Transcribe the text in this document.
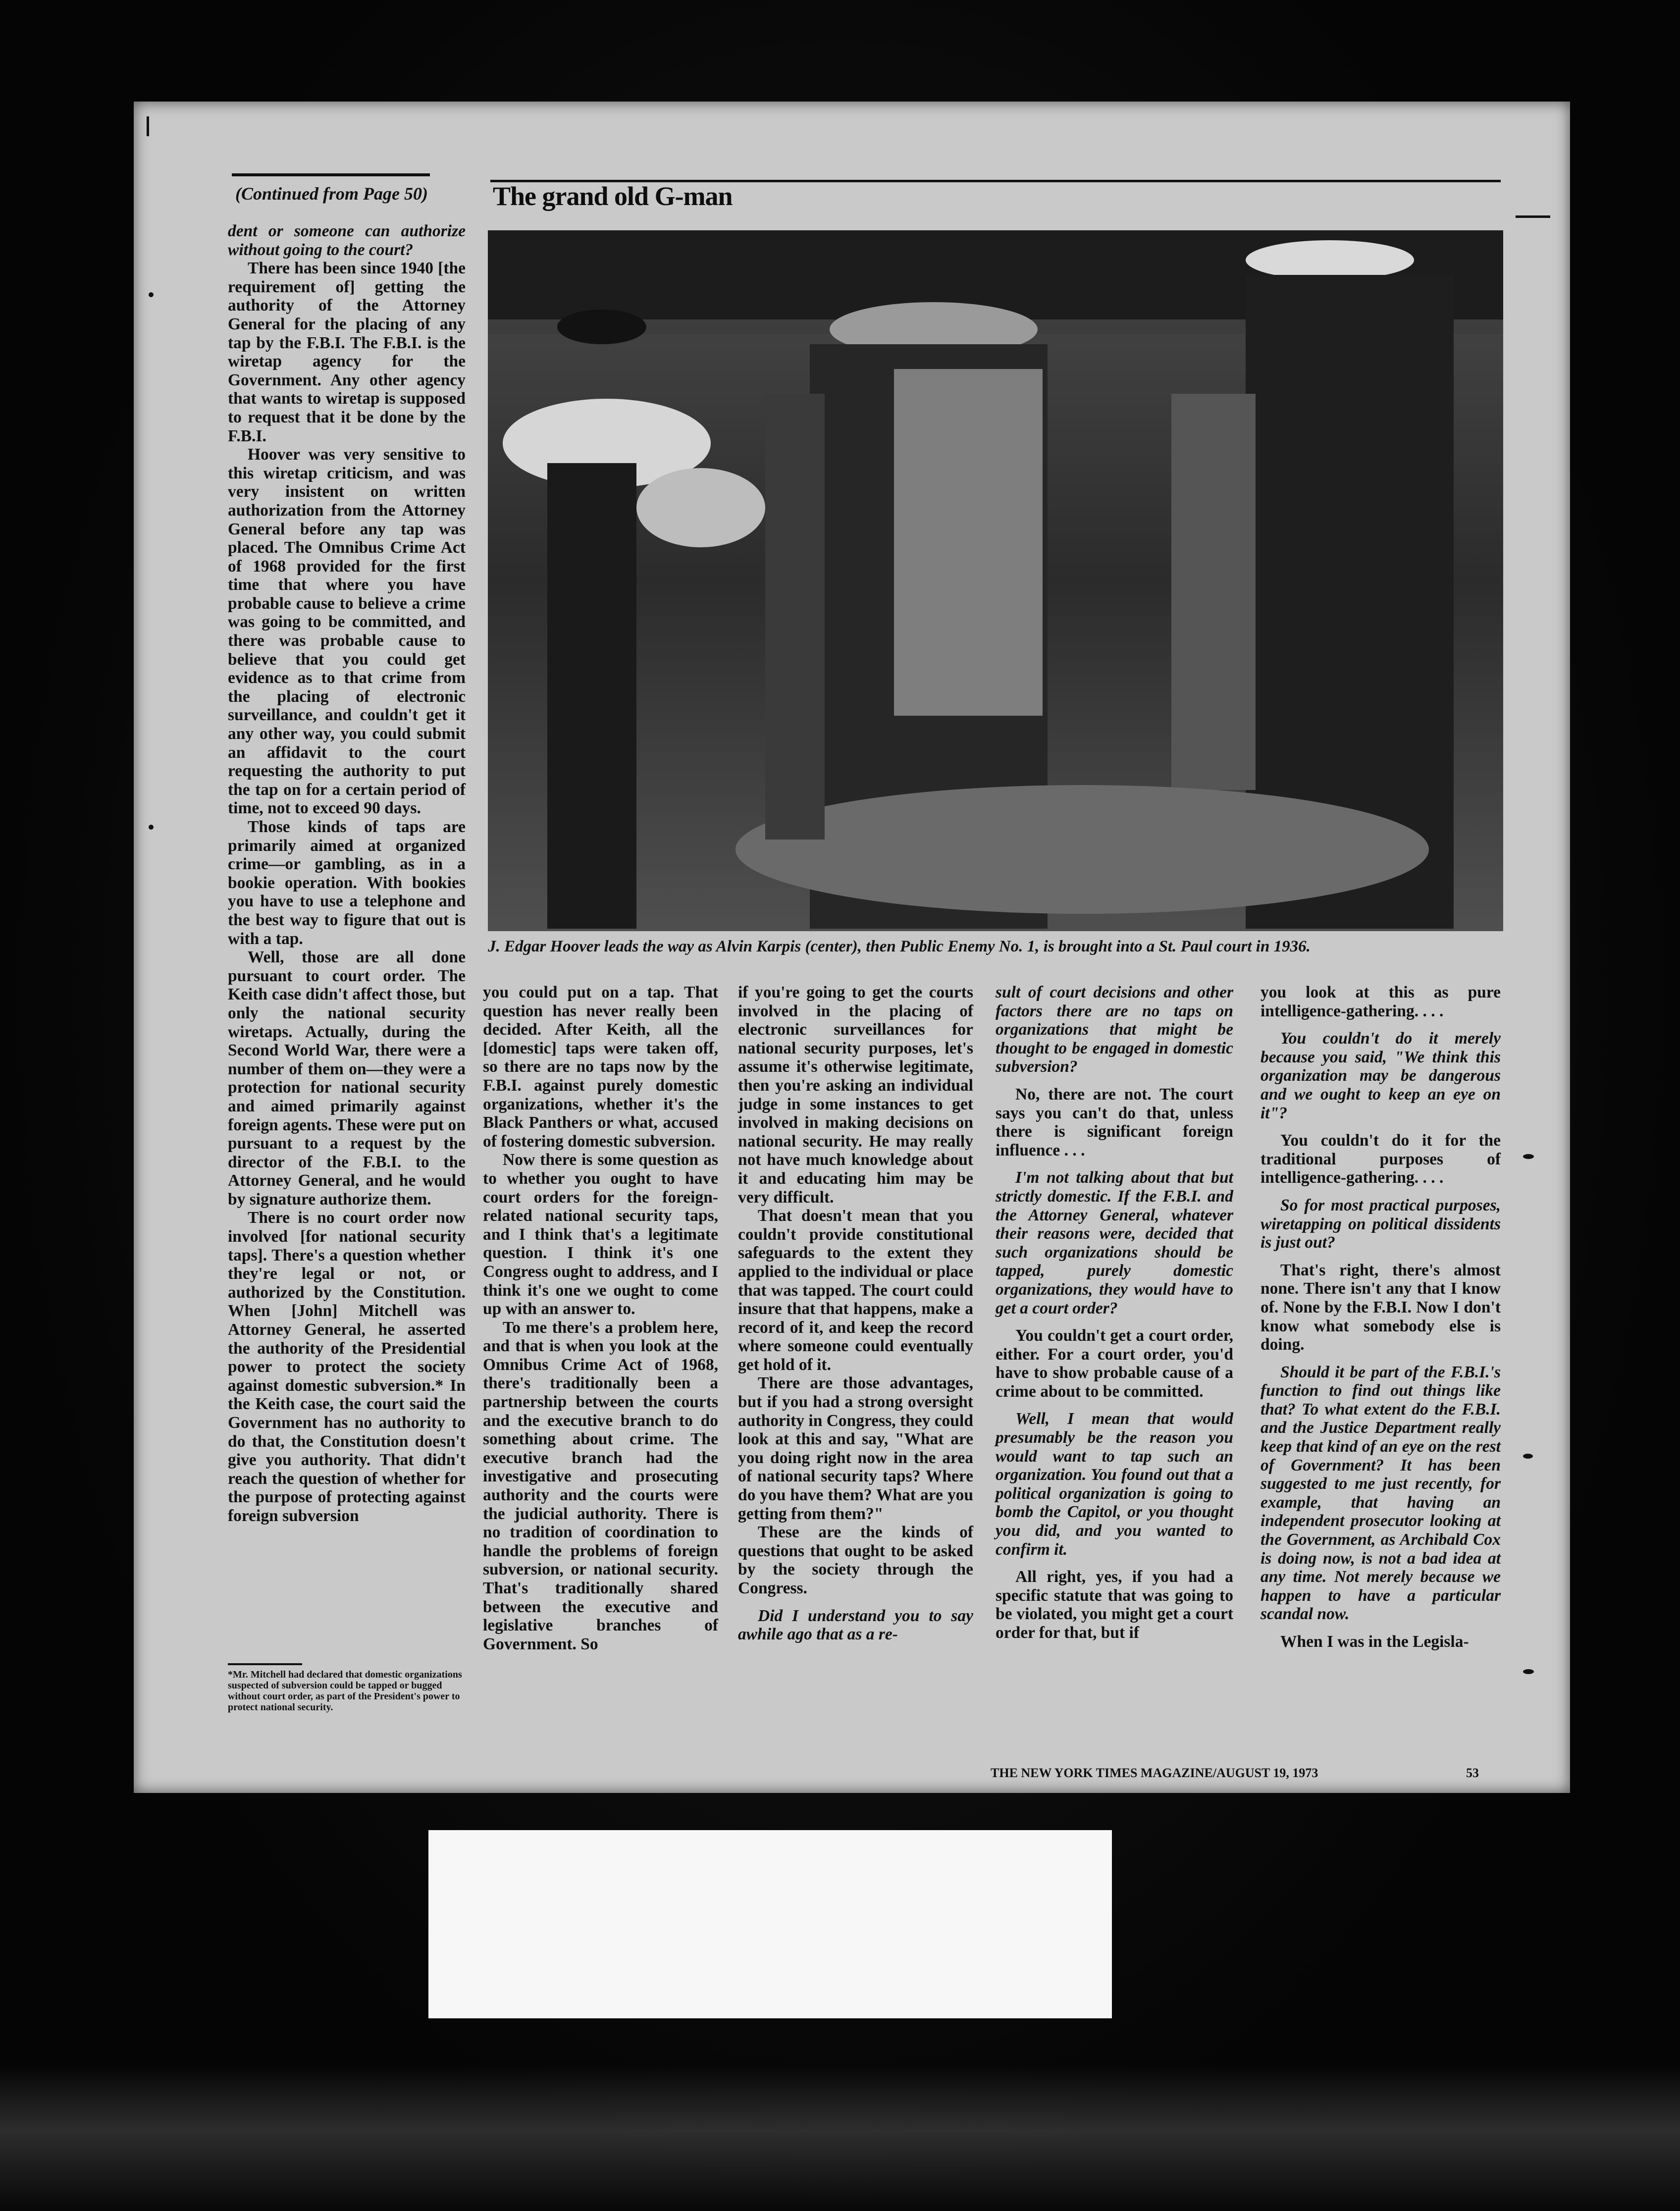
(Continued from Page 50)	The grand old G-man
J. Edgar Hoover leads the way as Alvin Karpis (center), then Public Enemy No. 1, is brought into a St. Paul court in 1936.

dent or someone can authorize without going to the court?

There has been since 1940 [the requirement of] getting the authority of the Attorney General for the placing of any tap by the F.B.I. The F.B.I. is the wiretap agency for the Government. Any other agency that wants to wiretap is supposed to request that it be done by the F.B.I.

Hoover was very sensitive to this wiretap criticism, and was very insistent on written authorization from the Attorney General before any tap was placed. The Omnibus Crime Act of 1968 provided for the first time that where you have probable cause to believe a crime was going to be committed, and there was probable cause to believe that you could get evidence as to that crime from the placing of electronic surveillance, and couldn't get it any other way, you could submit an affidavit to the court requesting the authority to put the tap on for a certain period of time, not to exceed 90 days.

Those kinds of taps are primarily aimed at organized crime—or gambling, as in a bookie operation. With bookies you have to use a telephone and the best way to figure that out is with a tap.

Well, those are all done pursuant to court order. The Keith case didn't affect those, but only the national security wiretaps. Actually, during the Second World War, there were a number of them on—they were a protection for national security and aimed primarily against foreign agents. These were put on pursuant to a request by the director of the F.B.I. to the Attorney General, and he would by signature authorize them.

There is no court order now involved [for national security taps]. There's a question whether they're legal or not, or authorized by the Constitution. When [John] Mitchell was Attorney General, he asserted the authority of the Presidential power to protect the society against domestic subversion.* In the Keith case, the court said the Government has no authority to do that, the Constitution doesn't give you authority. That didn't reach the question of whether for the purpose of protecting against foreign subversion

you could put on a tap. That question has never really been decided. After Keith, all the [domestic] taps were taken off, so there are no taps now by the F.B.I. against purely domestic organizations, whether it's the Black Panthers or what, accused of fostering domestic subversion.

Now there is some question as to whether you ought to have court orders for the foreign-related national security taps, and I think that's a legitimate question. I think it's one Congress ought to address, and I think it's one we ought to come up with an answer to.

To me there's a problem here, and that is when you look at the Omnibus Crime Act of 1968, there's traditionally been a partnership between the courts and the executive branch to do something about crime. The executive branch had the investigative and prosecuting authority and the courts were the judicial authority. There is no tradition of coordination to handle the problems of foreign subversion, or national security. That's traditionally shared between the executive and legislative branches of Government. So

if you're going to get the courts involved in the placing of electronic surveillances for national security purposes, let's assume it's otherwise legitimate, then you're asking an individual judge in some instances to get involved in making decisions on national security. He may really not have much knowledge about it and educating him may be very difficult.

That doesn't mean that you couldn't provide constitutional safeguards to the extent they applied to the individual or place that was tapped. The court could insure that that happens, make a record of it, and keep the record where someone could eventually get hold of it.

There are those advantages, but if you had a strong oversight authority in Congress, they could look at this and say, "What are you doing right now in the area of national security taps? Where do you have them? What are you getting from them?"

These are the kinds of questions that ought to be asked by the society through the Congress.

Did I understand you to say awhile ago that as a re-

sult of court decisions and other factors there are no taps on organizations that might be thought to be engaged in domestic subversion?

No, there are not. The court says you can't do that, unless there is significant foreign influence . . .

I'm not talking about that but strictly domestic. If the F.B.I. and the Attorney General, whatever their reasons were, decided that such organizations should be tapped, purely domestic organizations, they would have to get a court order?

You couldn't get a court order, either. For a court order, you'd have to show probable cause of a crime about to be committed.

Well, I mean that would presumably be the reason you would want to tap such an organization. You found out that a political organization is going to bomb the Capitol, or you thought you did, and you wanted to confirm it.

All right, yes, if you had a specific statute that was going to be violated, you might get a court order for that, but if

you look at this as pure intelligence-gathering. . . .

You couldn't do it merely because you said, "We think this organization may be dangerous and we ought to keep an eye on it"?

You couldn't do it for the traditional purposes of intelligence-gathering. . . .

So for most practical purposes, wiretapping on political dissidents is just out?

That's right, there's almost none. There isn't any that I know of. None by the F.B.I. Now I don't know what somebody else is doing.

Should it be part of the F.B.I.'s function to find out things like that? To what extent do the F.B.I. and the Justice Department really keep that kind of an eye on the rest of Government? It has been suggested to me just recently, for example, that having an independent prosecutor looking at the Government, as Archibald Cox is doing now, is not a bad idea at any time. Not merely because we happen to have a particular scandal now.

When I was in the Legisla-

*Mr. Mitchell had declared that domestic organizations suspected of subversion could be tapped or bugged without court order, as part of the President's power to protect national security.
THE NEW YORK TIMES MAGAZINE/AUGUST 19, 1973	53
